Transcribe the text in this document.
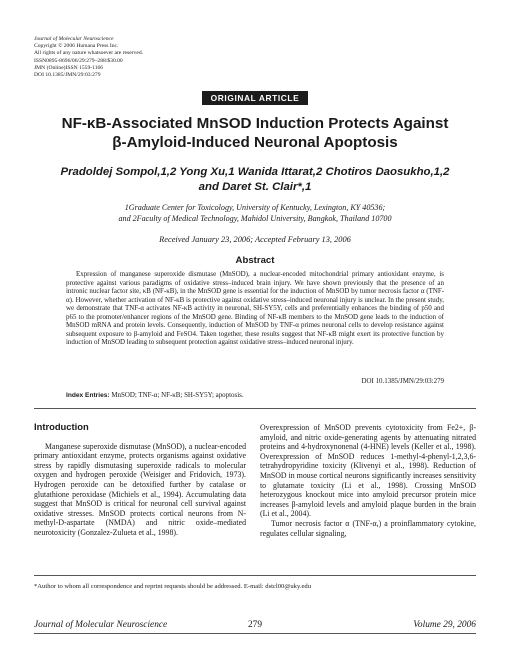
Journal of Molecular Neuroscience
Copyright © 2006 Humana Press Inc.
All rights of any nature whatsoever are reserved.
ISSN0895-8696/06/29:279–288/$30.00
JMN (Online)ISSN 1559-1166
DOI 10.1385/JMN/29:03:279
ORIGINAL ARTICLE
NF-κB-Associated MnSOD Induction Protects Against
β-Amyloid-Induced Neuronal Apoptosis
Pradoldej Sompol,1,2 Yong Xu,1 Wanida Ittarat,2 Chotiros Daosukho,1,2
and Daret St. Clair*,1
1Graduate Center for Toxicology, University of Kentucky, Lexington, KY 40536;
and 2Faculty of Medical Technology, Mahidol University, Bangkok, Thailand 10700
Received January 23, 2006; Accepted February 13, 2006
Abstract

Expression of manganese superoxide dismutase (MnSOD), a nuclear-encoded mitochondrial primary antioxidant enzyme, is protective against various paradigms of oxidative stress–induced brain injury. We have shown previously that the presence of an intronic nuclear factor site, κB (NF-κB), in the MnSOD gene is essential for the induction of MnSOD by tumor necrosis factor α (TNF-α). However, whether activation of NF-κB is protective against oxidative stress–induced neuronal injury is unclear. In the present study, we demonstrate that TNF-α activates NF-κB activity in neuronal, SH-SY5Y, cells and preferentially enhances the binding of p50 and p65 to the promoter/enhancer regions of the MnSOD gene. Binding of NF-κB members to the MnSOD gene leads to the induction of MnSOD mRNA and protein levels. Consequently, induction of MnSOD by TNF-α primes neuronal cells to develop resistance against subsequent exposure to β-amyloid and FeSO4. Taken together, these results suggest that NF-κB might exert its protective function by induction of MnSOD leading to subsequent protection against oxidative stress–induced neuronal injury.

DOI 10.1385/JMN/29:03:279
Index Entries: MnSOD; TNF-α; NF-κB; SH-SY5Y; apoptosis.
Introduction

Manganese superoxide dismutase (MnSOD), a nuclear-encoded primary antioxidant enzyme, protects organisms against oxidative stress by rapidly dismutasing superoxide radicals to molecular oxygen and hydrogen peroxide (Weisiger and Fridovich, 1973). Hydrogen peroxide can be detoxified further by catalase or glutathione peroxidase (Michiels et al., 1994). Accumulating data suggest that MnSOD is critical for neuronal cell survival against oxidative stresses. MnSOD protects cortical neurons from N-methyl-D-aspartate (NMDA) and nitric oxide–mediated neurotoxicity (Gonzalez-Zulueta et al., 1998).

Overexpression of MnSOD prevents cytotoxicity from Fe2+, β-amyloid, and nitric oxide-generating agents by attenuating nitrated proteins and 4-hydroxynonenal (4-HNE) levels (Keller et al., 1998). Overexpression of MnSOD reduces 1-methyl-4-phenyl-1,2,3,6-tetrahydropyridine toxicity (Klivenyi et al., 1998). Reduction of MnSOD in mouse cortical neurons significantly increases sensitivity to glutamate toxicity (Li et al., 1998). Crossing MnSOD heterozygous knockout mice into amyloid precursor protein mice increases β-amyloid levels and amyloid plaque burden in the brain (Li et al., 2004).

Tumor necrosis factor α (TNF-α,) a proinflammatory cytokine, regulates cellular signaling,

*Author to whom all correspondence and reprint requests should be addressed. E-mail: dstcl00@uky.edu
Journal of Molecular Neuroscience	279	Volume 29, 2006
